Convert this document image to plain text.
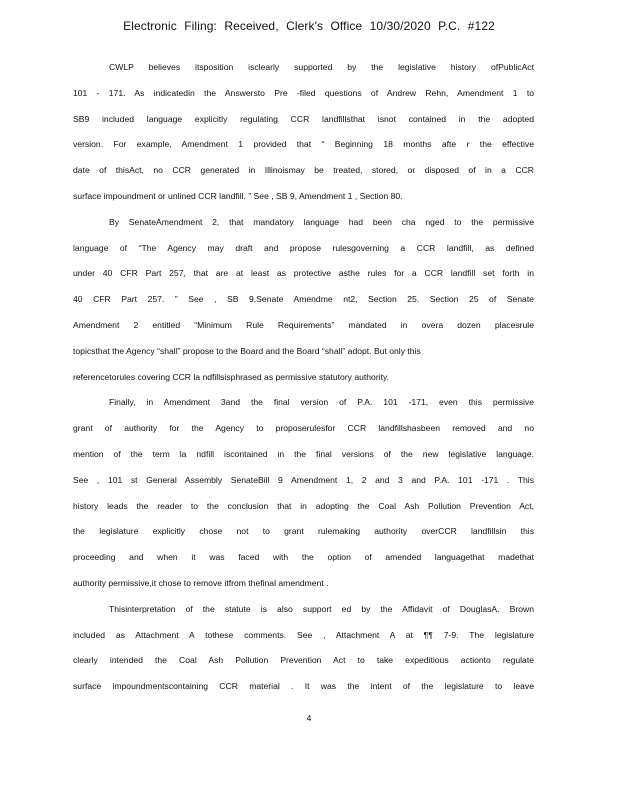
Electronic Filing: Received, Clerk's Office 10/30/2020 P.C. #122
CWLP believes itsposition isclearly supported by the legislative history ofPublicAct
101 - 171. As indicatedin the Answersto Pre -filed questions of Andrew Rehn, Amendment 1 to
SB9 included language explicitly regulating CCR landfillsthat isnot contained in the adopted
version. For example, Amendment 1 provided that “ Beginning 18 months afte r the effective
date of thisAct, no CCR generated in Illinoismay be treated, stored, or disposed of in a CCR
surface impoundment or unlined CCR landfill. ” See , SB 9, Amendment 1 , Section 80.
By SenateAmendment 2, that mandatory language had been cha nged to the permissive
language of “The Agency may draft and propose rulesgoverning a CCR landfill, as defined
under 40 CFR Part 257, that are at least as protective asthe rules for a CCR landfill set forth in
40 CFR Part 257. ” See , SB 9,Senate Amendme nt2, Section 25. Section 25 of Senate
Amendment 2 entitled “Minimum Rule Requirements” mandated in overa dozen placesrule
topicsthat the Agency “shall” propose to the Board and the Board “shall” adopt. But only this
referencetorules covering CCR la ndfillsisphrased as permissive statutory authority.
Finally, in Amendment 3and the final version of P.A. 101 -171, even this permissive
grant of authority for the Agency to proposerulesfor CCR landfillshasbeen removed and no
mention of the term la ndfill iscontained in the final versions of the new legislative language.
See , 101 st General Assembly SenateBill 9 Amendment 1, 2 and 3 and P.A. 101 -171 . This
history leads the reader to the conclusion that in adopting the Coal Ash Pollution Prevention Act,
the legislature explicitly chose not to grant rulemaking authority overCCR landfillsin this
proceeding and when it was faced with the option of amended languagethat madethat
authority permissive,it chose to remove itfrom thefinal amendment .
Thisinterpretation of the statute is also support ed by the Affidavit of DouglasA. Brown
included as Attachment A tothese comments. See , Attachment A at ¶¶ 7-9. The legislature
clearly intended the Coal Ash Pollution Prevention Act to take expeditious actionto regulate
surface impoundmentscontaining CCR material . It was the intent of the legislature to leave
4
